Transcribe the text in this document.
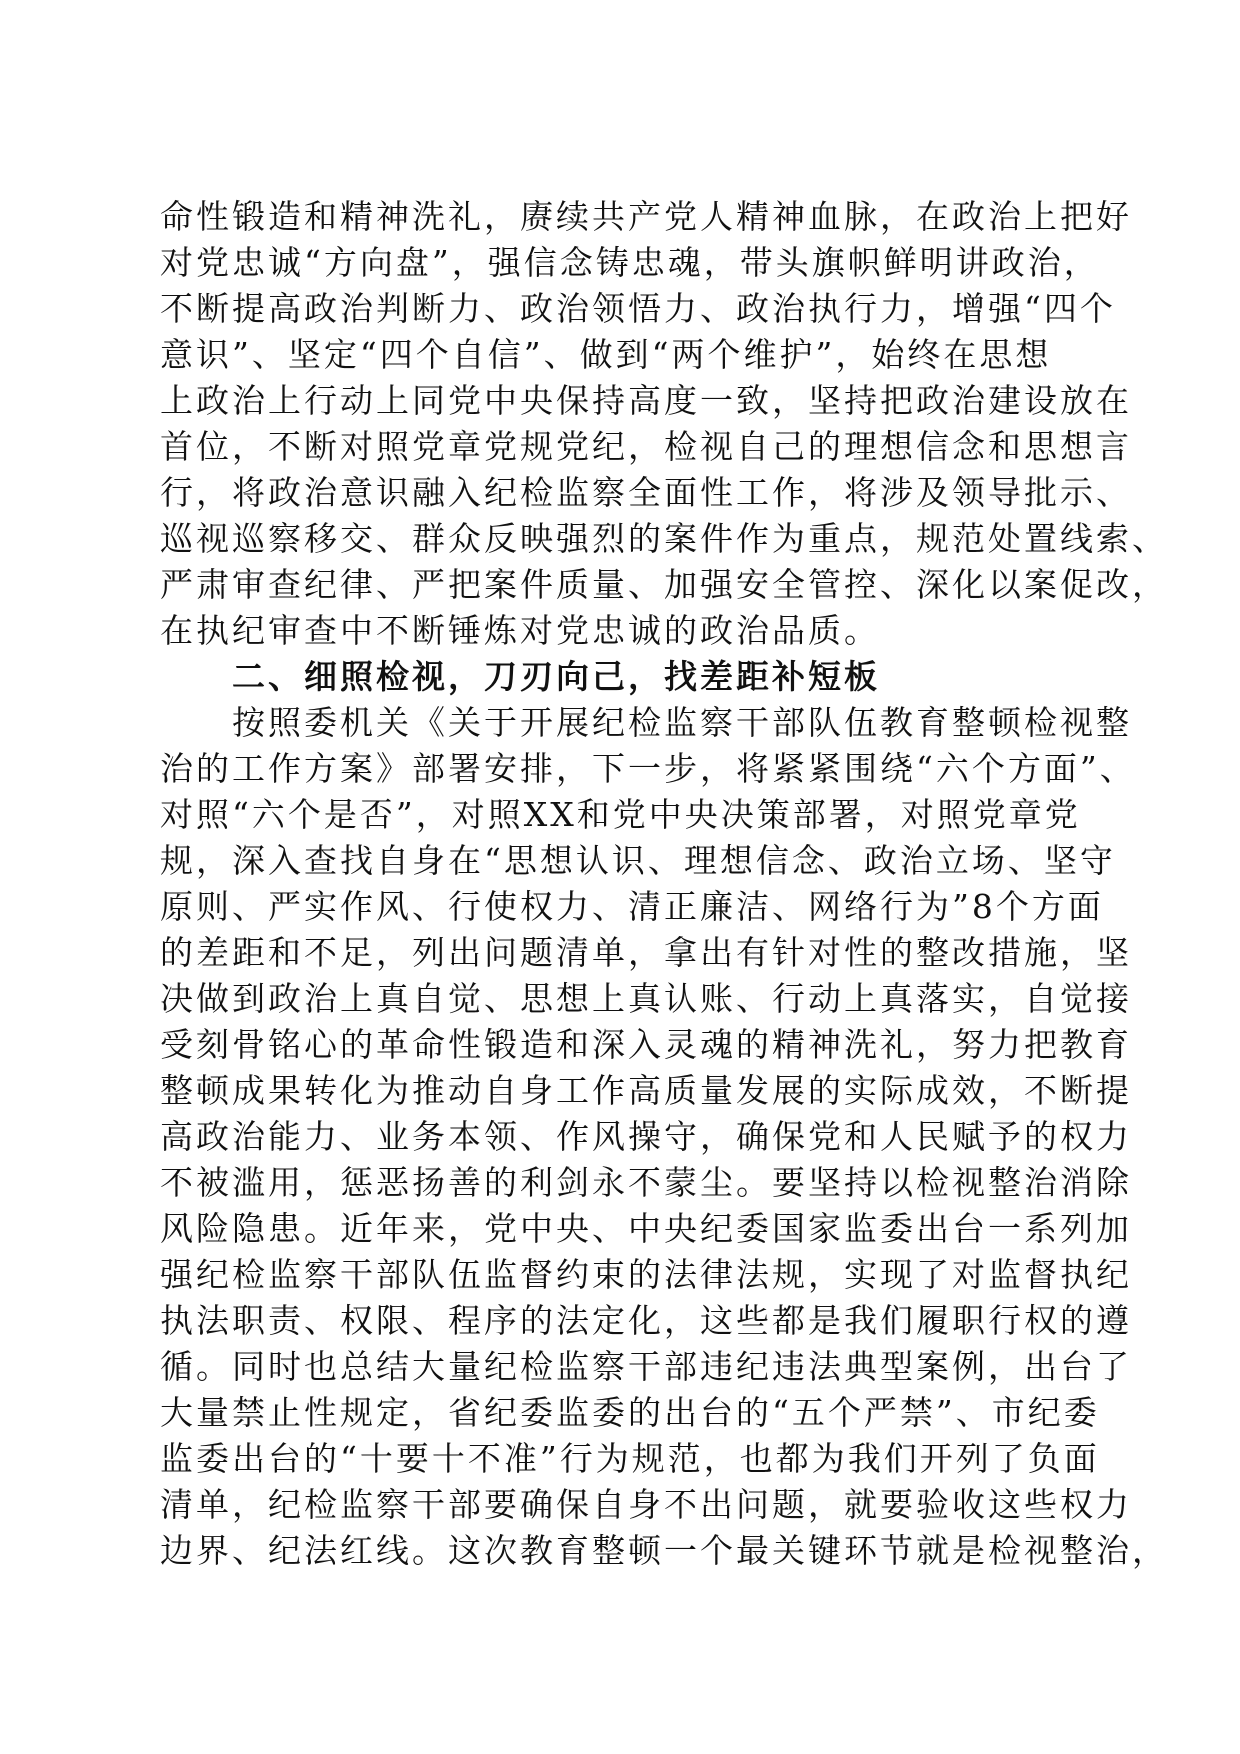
命性锻造和精神洗礼，赓续共产党人精神血脉，在政治上把好
对党忠诚“方向盘”，强信念铸忠魂，带头旗帜鲜明讲政治，
不断提高政治判断力、政治领悟力、政治执行力，增强“四个
意识”、坚定“四个自信”、做到“两个维护”，始终在思想
上政治上行动上同党中央保持高度一致，坚持把政治建设放在
首位，不断对照党章党规党纪，检视自己的理想信念和思想言
行，将政治意识融入纪检监察全面性工作，将涉及领导批示、
巡视巡察移交、群众反映强烈的案件作为重点，规范处置线索、
严肃审查纪律、严把案件质量、加强安全管控、深化以案促改，
在执纪审查中不断锤炼对党忠诚的政治品质。
二、细照检视，刀刃向己，找差距补短板
按照委机关《关于开展纪检监察干部队伍教育整顿检视整
治的工作方案》部署安排，下一步，将紧紧围绕“六个方面”、
对照“六个是否”，对照XX和党中央决策部署，对照党章党
规，深入查找自身在“思想认识、理想信念、政治立场、坚守
原则、严实作风、行使权力、清正廉洁、网络行为”8个方面
的差距和不足，列出问题清单，拿出有针对性的整改措施，坚
决做到政治上真自觉、思想上真认账、行动上真落实，自觉接
受刻骨铭心的革命性锻造和深入灵魂的精神洗礼，努力把教育
整顿成果转化为推动自身工作高质量发展的实际成效，不断提
高政治能力、业务本领、作风操守，确保党和人民赋予的权力
不被滥用，惩恶扬善的利剑永不蒙尘。要坚持以检视整治消除
风险隐患。近年来，党中央、中央纪委国家监委出台一系列加
强纪检监察干部队伍监督约束的法律法规，实现了对监督执纪
执法职责、权限、程序的法定化，这些都是我们履职行权的遵
循。同时也总结大量纪检监察干部违纪违法典型案例，出台了
大量禁止性规定，省纪委监委的出台的“五个严禁”、市纪委
监委出台的“十要十不准”行为规范，也都为我们开列了负面
清单，纪检监察干部要确保自身不出问题，就要验收这些权力
边界、纪法红线。这次教育整顿一个最关键环节就是检视整治，
